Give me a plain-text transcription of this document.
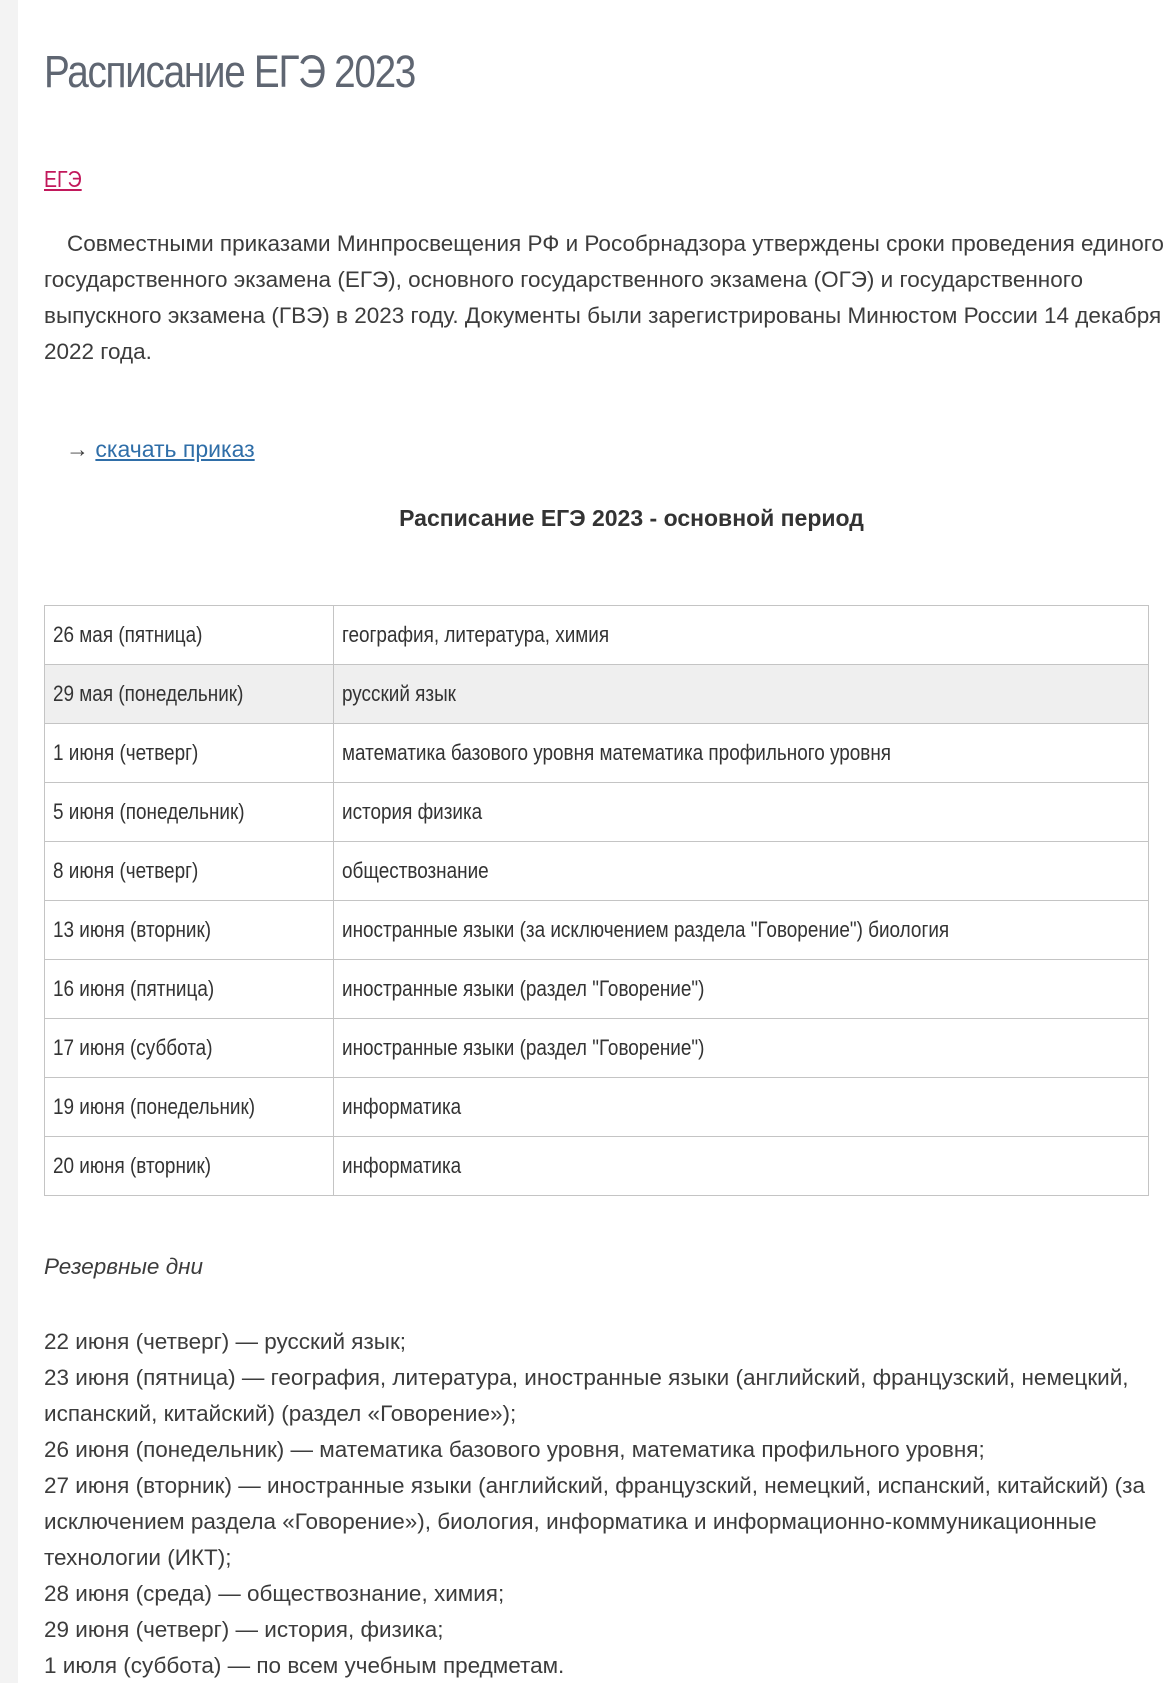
Расписание ЕГЭ 2023
ЕГЭ

Совместными приказами Минпросвещения РФ и Рособрнадзора утверждены сроки проведения единого государственного экзамена (ЕГЭ), основного государственного экзамена (ОГЭ) и государственного выпускного экзамена (ГВЭ) в 2023 году. Документы были зарегистрированы Минюстом России 14 декабря 2022 года.

→ скачать приказ
Расписание ЕГЭ 2023 - основной период
26 мая (пятница)	география, литература, химия
29 мая (понедельник)	русский язык
1 июня (четверг)	математика базового уровня математика профильного уровня
5 июня (понедельник)	история физика
8 июня (четверг)	обществознание
13 июня (вторник)	иностранные языки (за исключением раздела "Говорение") биология
16 июня (пятница)	иностранные языки (раздел "Говорение")
17 июня (суббота)	иностранные языки (раздел "Говорение")
19 июня (понедельник)	информатика
20 июня (вторник)	информатика

Резервные дни

22 июня (четверг) — русский язык;
23 июня (пятница) — география, литература, иностранные языки (английский, французский, немецкий, испанский, китайский) (раздел «Говорение»);
26 июня (понедельник) — математика базового уровня, математика профильного уровня;
27 июня (вторник) — иностранные языки (английский, французский, немецкий, испанский, китайский) (за исключением раздела «Говорение»), биология, информатика и информационно-коммуникационные технологии (ИКТ);
28 июня (среда) — обществознание, химия;
29 июня (четверг) — история, физика;
1 июля (суббота) — по всем учебным предметам.
